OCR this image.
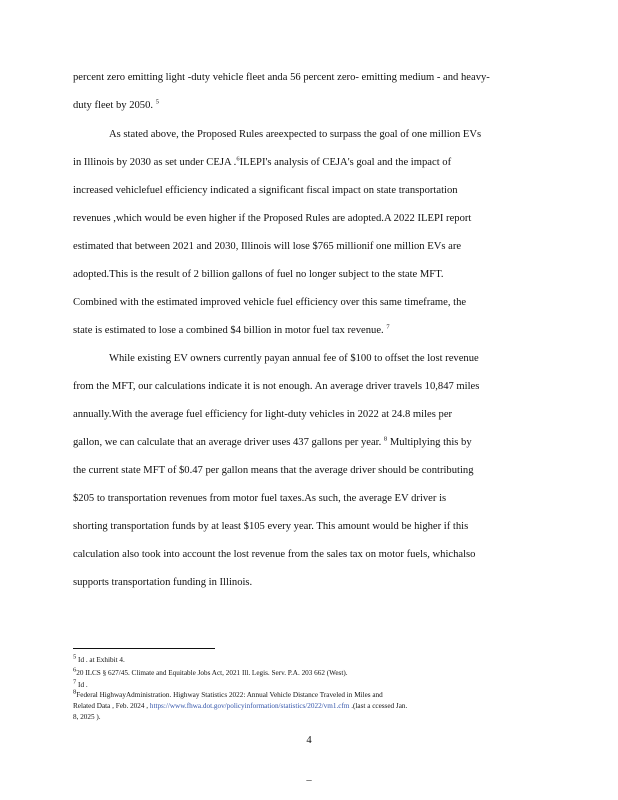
percent zero emitting light -duty vehicle fleet anda 56 percent zero- emitting medium - and heavy-
duty fleet by 2050. $^5$
As stated above, the Proposed Rules areexpected to surpass the goal of one million EVs
in Illinois by 2030 as set under CEJA .$^6$ILEPI's analysis of CEJA's goal and the impact of
increased vehiclefuel efficiency indicated a significant fiscal impact on state transportation
revenues ,which would be even higher if the Proposed Rules are adopted.A 2022 ILEPI report
estimated that between 2021 and 2030, Illinois will lose $765 millionif one million EVs are
adopted.This is the result of 2 billion gallons of fuel no longer subject to the state MFT.
Combined with the estimated improved vehicle fuel efficiency over this same timeframe, the
state is estimated to lose a combined $4 billion in motor fuel tax revenue. $^7$
While existing EV owners currently payan annual fee of $100 to offset the lost revenue
from the MFT, our calculations indicate it is not enough. An average driver travels 10,847 miles
annually.With the average fuel efficiency for light-duty vehicles in 2022 at 24.8 miles per
gallon, we can calculate that an average driver uses 437 gallons per year. $^8$ Multiplying this by
the current state MFT of $0.47 per gallon means that the average driver should be contributing
$205 to transportation revenues from motor fuel taxes.As such, the average EV driver is
shorting transportation funds by at least $105 every year. This amount would be higher if this
calculation also took into account the lost revenue from the sales tax on motor fuels, whichalso
supports transportation funding in Illinois.
$^5$ Id . at Exhibit 4.
$^6$20 ILCS § 627/45. Climate and Equitable Jobs Act, 2021 Ill. Legis. Serv. P.A. 203 662 (West).
$^7$ Id .
$^8$Federal HighwayAdministration. Highway Statistics 2022: Annual Vehicle Distance Traveled in Miles and
Related Data , Feb. 2024 , https://www.fhwa.dot.gov/policyinformation/statistics/2022/vm1.cfm .(last a ccessed Jan.
8, 2025 ).
4
–
